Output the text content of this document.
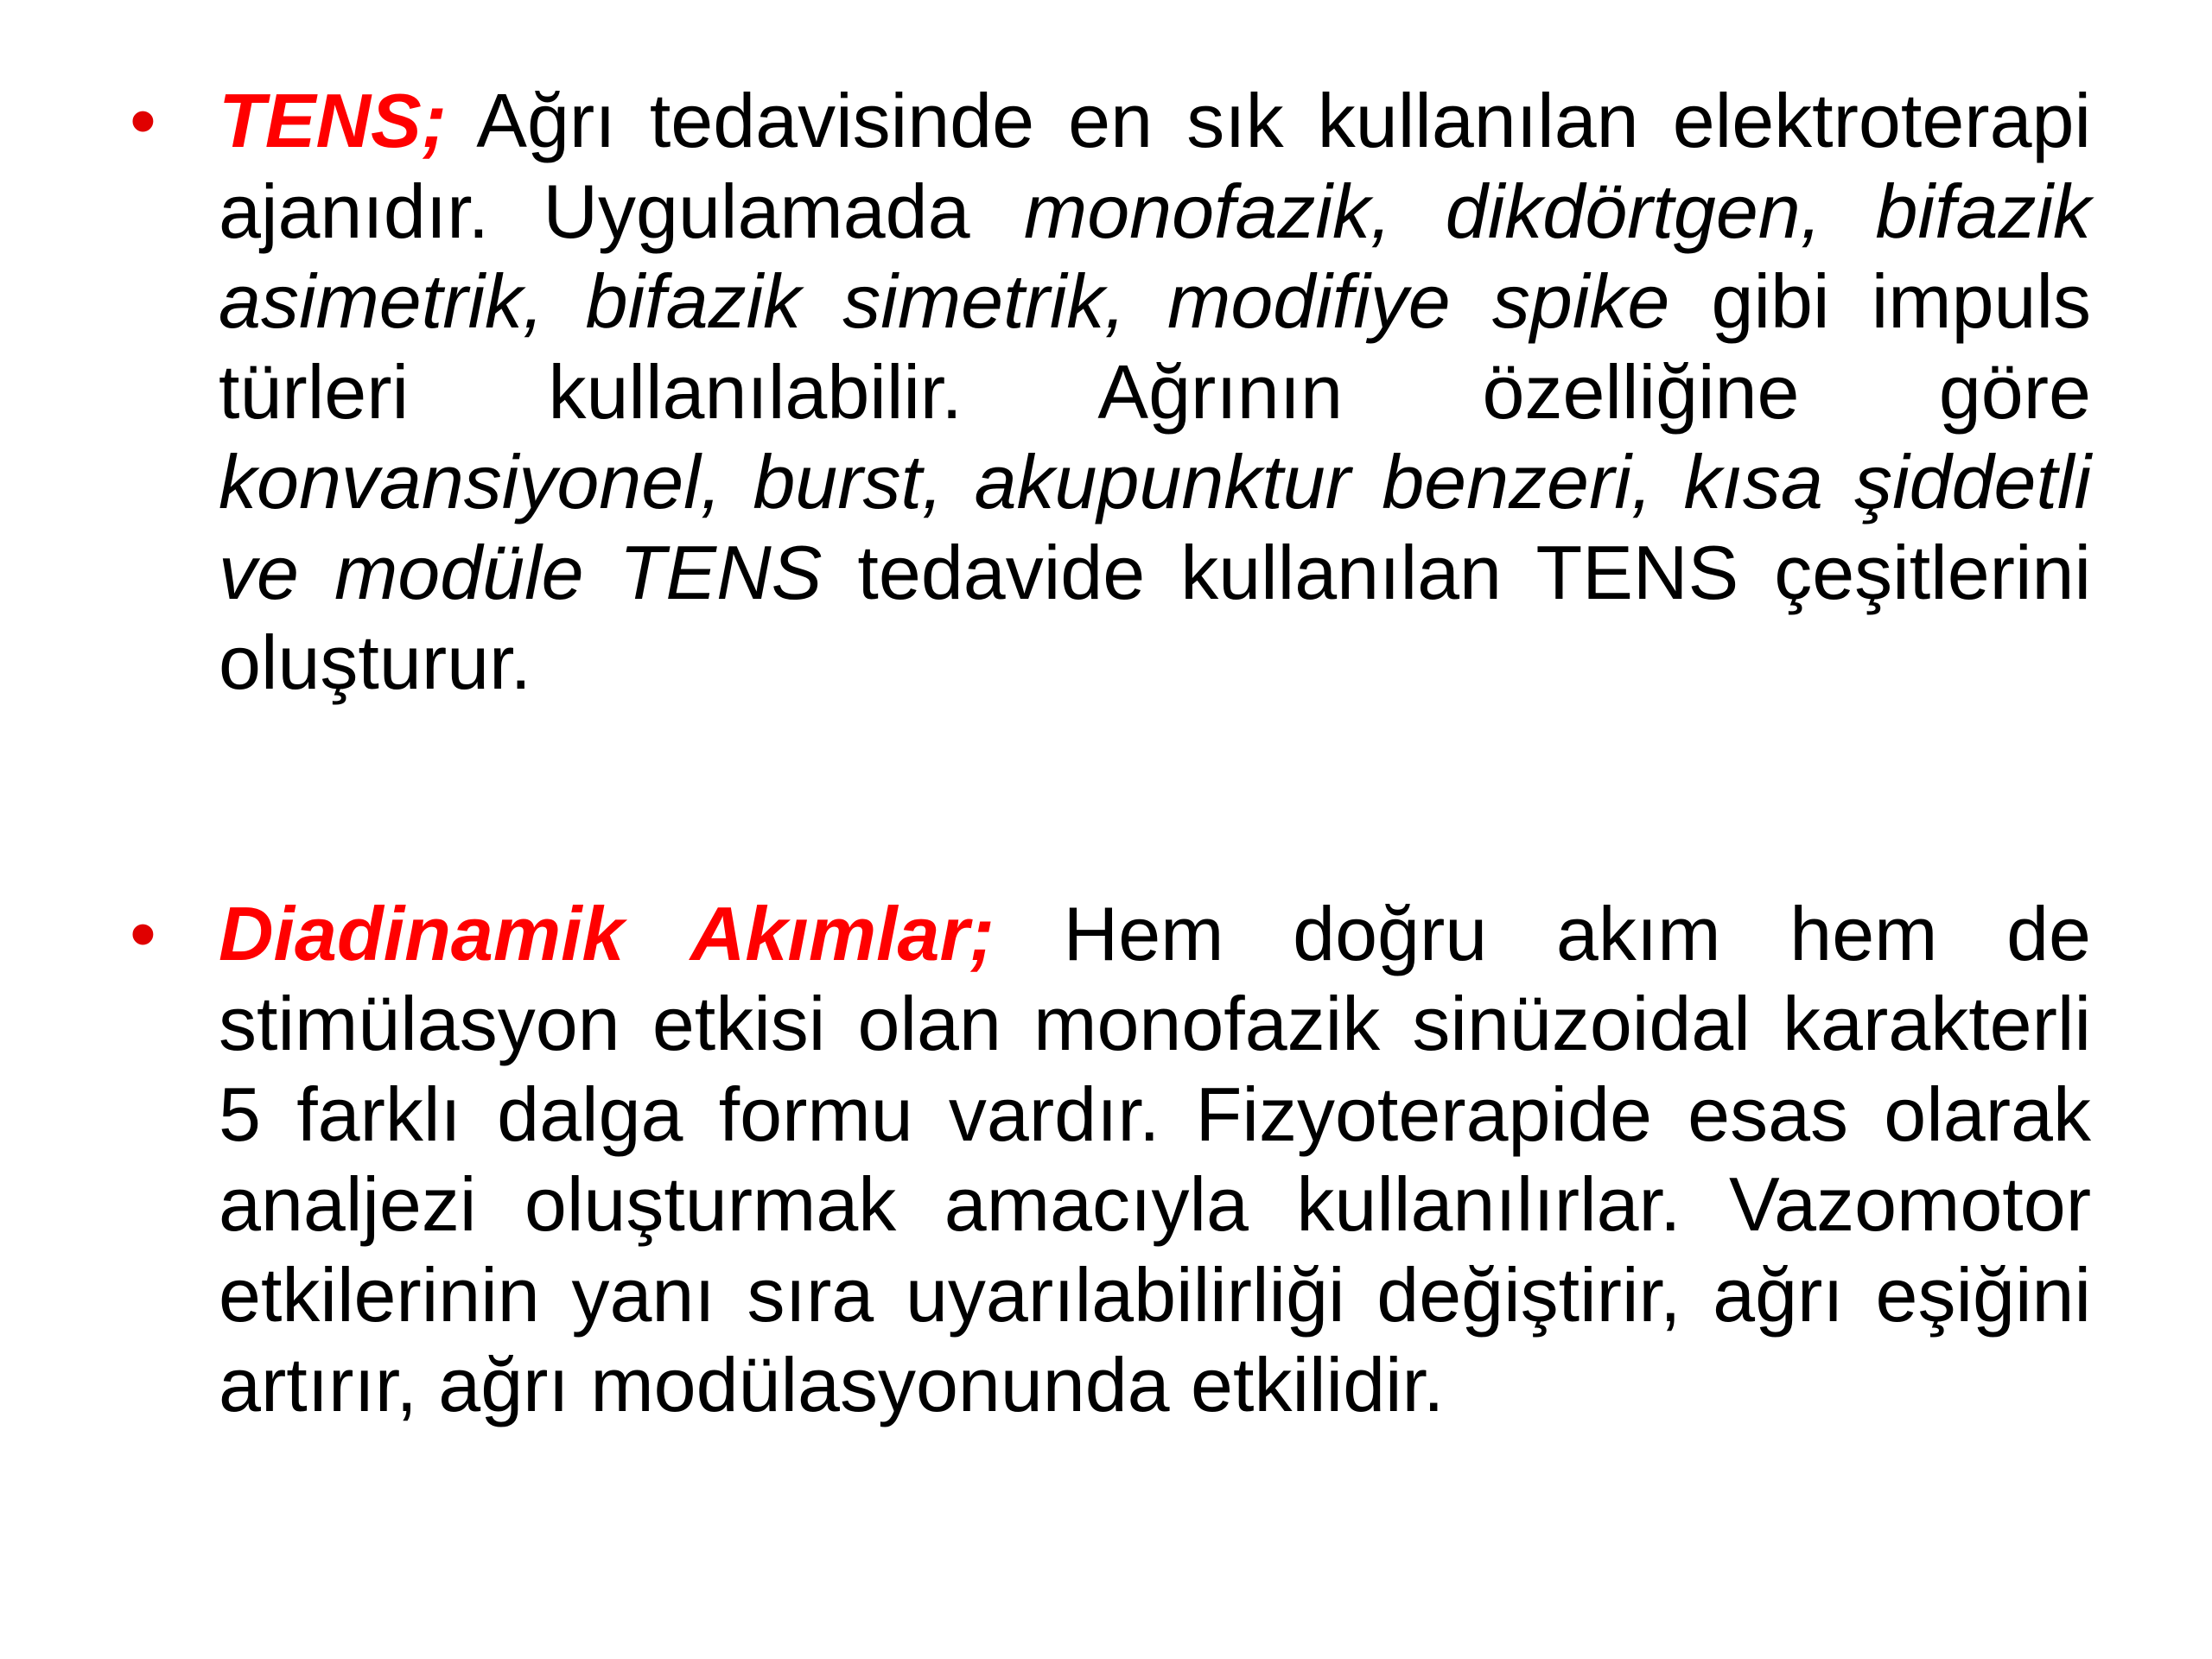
• TENS; Ağrı tedavisinde en sık kullanılan elektroterapi ajanıdır. Uygulamada monofazik, dikdörtgen, bifazik asimetrik, bifazik simetrik, modifiye spike gibi impuls türleri kullanılabilir. Ağrının özelliğine göre konvansiyonel, burst, akupunktur benzeri, kısa şiddetli ve modüle TENS tedavide kullanılan TENS çeşitlerini oluşturur.
• Diadinamik Akımlar; Hem doğru akım hem de stimülasyon etkisi olan monofazik sinüzoidal karakterli 5 farklı dalga formu vardır. Fizyoterapide esas olarak analjezi oluşturmak amacıyla kullanılırlar. Vazomotor etkilerinin yanı sıra uyarılabilirliği değiştirir, ağrı eşiğini artırır, ağrı modülasyonunda etkilidir.
